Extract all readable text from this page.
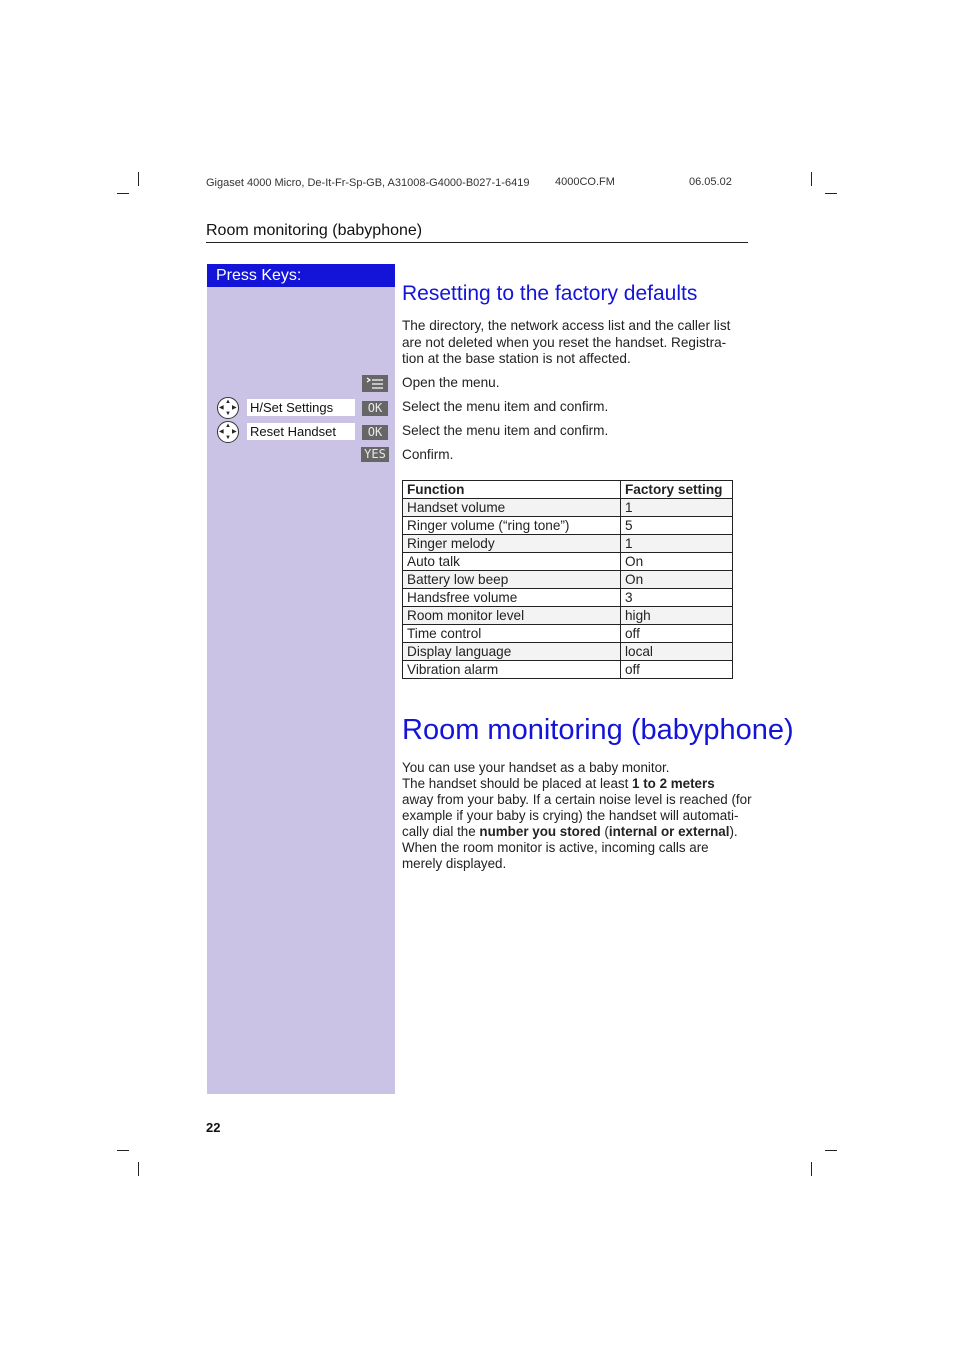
Gigaset 4000 Micro, De-It-Fr-Sp-GB, A31008-G4000-B027-1-6419 4000CO.FM	06.05.02
Room monitoring (babyphone)
Press Keys:
▲
▼
◀ ▶ H/Set Settings	OK
▲
▼
◀ ▶ Reset Handset	OK
YES
Resetting to the factory defaults
The directory, the network access list and the caller list
are not deleted when you reset the handset. Registra-
tion at the base station is not affected.
Open the menu.
Select the menu item and confirm.
Select the menu item and confirm.
Confirm.
Function	Factory setting
Handset volume	1
Ringer volume (“ring tone”)	5
Ringer melody	1
Auto talk	On
Battery low beep	On
Handsfree volume	3
Room monitor level	high
Time control	off
Display language	local
Vibration alarm	off
Room monitoring (babyphone)
You can use your handset as a baby monitor.
The handset should be placed at least 1 to 2 meters
away from your baby. If a certain noise level is reached (for
example if your baby is crying) the handset will automati-
cally dial the number you stored (internal or external).
When the room monitor is active, incoming calls are
merely displayed.
22
